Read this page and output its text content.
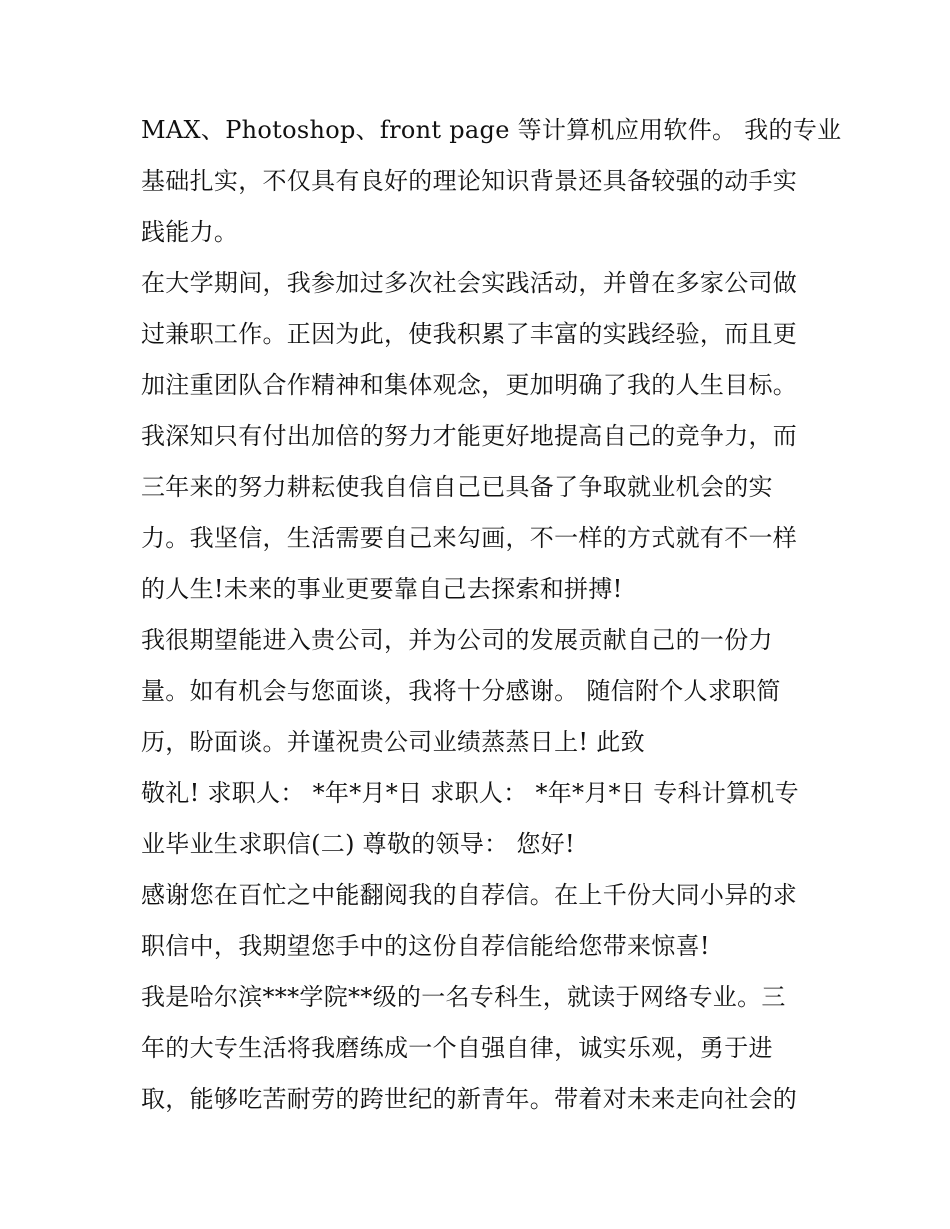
MAX、Photoshop、front page 等计算机应用软件。 我的专业
基础扎实，不仅具有良好的理论知识背景还具备较强的动手实
践能力。
在大学期间，我参加过多次社会实践活动，并曾在多家公司做
过兼职工作。正因为此，使我积累了丰富的实践经验，而且更
加注重团队合作精神和集体观念，更加明确了我的人生目标。
我深知只有付出加倍的努力才能更好地提高自己的竞争力，而
三年来的努力耕耘使我自信自己已具备了争取就业机会的实
力。我坚信，生活需要自己来勾画，不一样的方式就有不一样
的人生!未来的事业更要靠自己去探索和拼搏!
我很期望能进入贵公司，并为公司的发展贡献自己的一份力
量。如有机会与您面谈，我将十分感谢。 随信附个人求职简
历，盼面谈。并谨祝贵公司业绩蒸蒸日上! 此致
敬礼! 求职人： *年*月*日 求职人： *年*月*日 专科计算机专
业毕业生求职信(二) 尊敬的领导： 您好!
感谢您在百忙之中能翻阅我的自荐信。在上千份大同小异的求
职信中，我期望您手中的这份自荐信能给您带来惊喜!
我是哈尔滨***学院**级的一名专科生，就读于网络专业。三
年的大专生活将我磨练成一个自强自律，诚实乐观，勇于进
取，能够吃苦耐劳的跨世纪的新青年。带着对未来走向社会的
